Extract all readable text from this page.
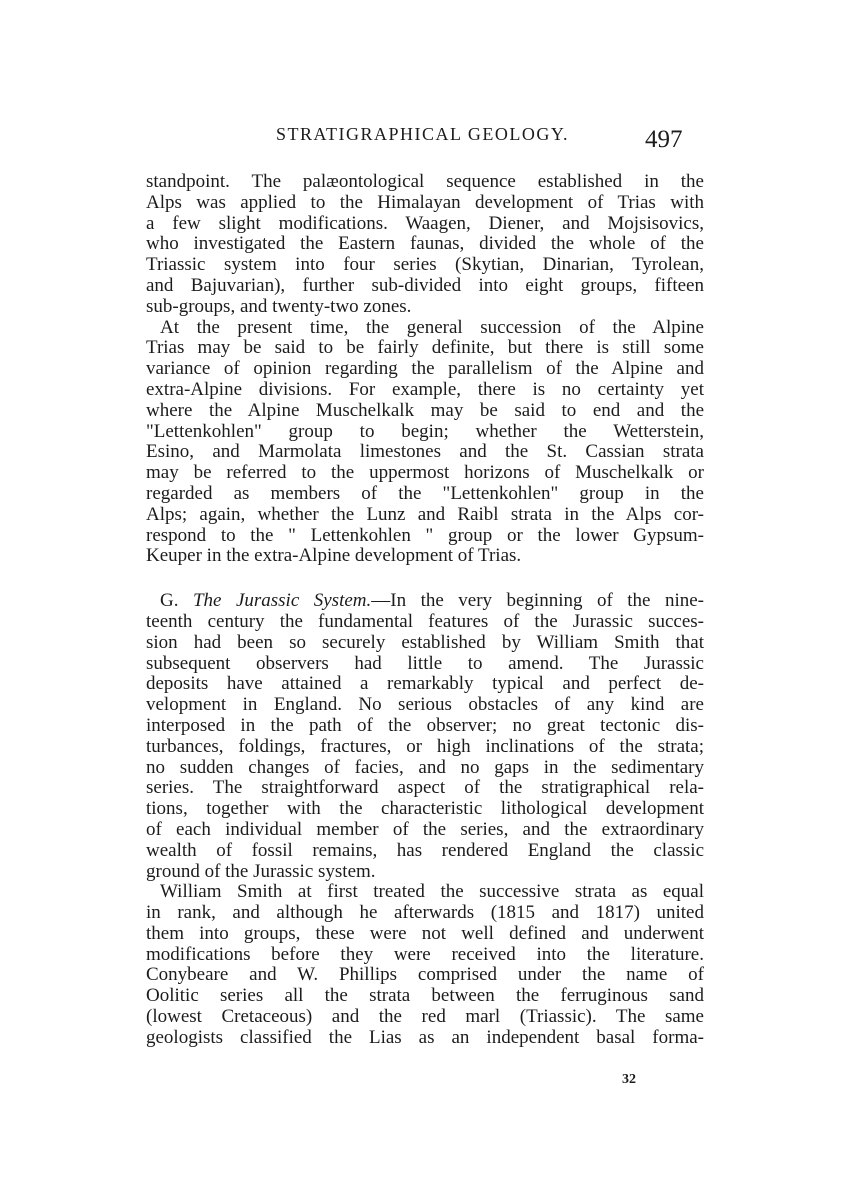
STRATIGRAPHICAL GEOLOGY.	497
standpoint. The palæontological sequence established in the
Alps was applied to the Himalayan development of Trias with
a few slight modifications. Waagen, Diener, and Mojsisovics,
who investigated the Eastern faunas, divided the whole of the
Triassic system into four series (Skytian, Dinarian, Tyrolean,
and Bajuvarian), further sub-divided into eight groups, fifteen
sub-groups, and twenty-two zones.
At the present time, the general succession of the Alpine
Trias may be said to be fairly definite, but there is still some
variance of opinion regarding the parallelism of the Alpine and
extra-Alpine divisions. For example, there is no certainty yet
where the Alpine Muschelkalk may be said to end and the
"Lettenkohlen" group to begin; whether the Wetterstein,
Esino, and Marmolata limestones and the St. Cassian strata
may be referred to the uppermost horizons of Muschelkalk or
regarded as members of the "Lettenkohlen" group in the
Alps; again, whether the Lunz and Raibl strata in the Alps cor-
respond to the " Lettenkohlen " group or the lower Gypsum-
Keuper in the extra-Alpine development of Trias.
G. The Jurassic System.—In the very beginning of the nine-
teenth century the fundamental features of the Jurassic succes-
sion had been so securely established by William Smith that
subsequent observers had little to amend. The Jurassic
deposits have attained a remarkably typical and perfect de-
velopment in England. No serious obstacles of any kind are
interposed in the path of the observer; no great tectonic dis-
turbances, foldings, fractures, or high inclinations of the strata;
no sudden changes of facies, and no gaps in the sedimentary
series. The straightforward aspect of the stratigraphical rela-
tions, together with the characteristic lithological development
of each individual member of the series, and the extraordinary
wealth of fossil remains, has rendered England the classic
ground of the Jurassic system.
William Smith at first treated the successive strata as equal
in rank, and although he afterwards (1815 and 1817) united
them into groups, these were not well defined and underwent
modifications before they were received into the literature.
Conybeare and W. Phillips comprised under the name of
Oolitic series all the strata between the ferruginous sand
(lowest Cretaceous) and the red marl (Triassic). The same
geologists classified the Lias as an independent basal forma-
32
